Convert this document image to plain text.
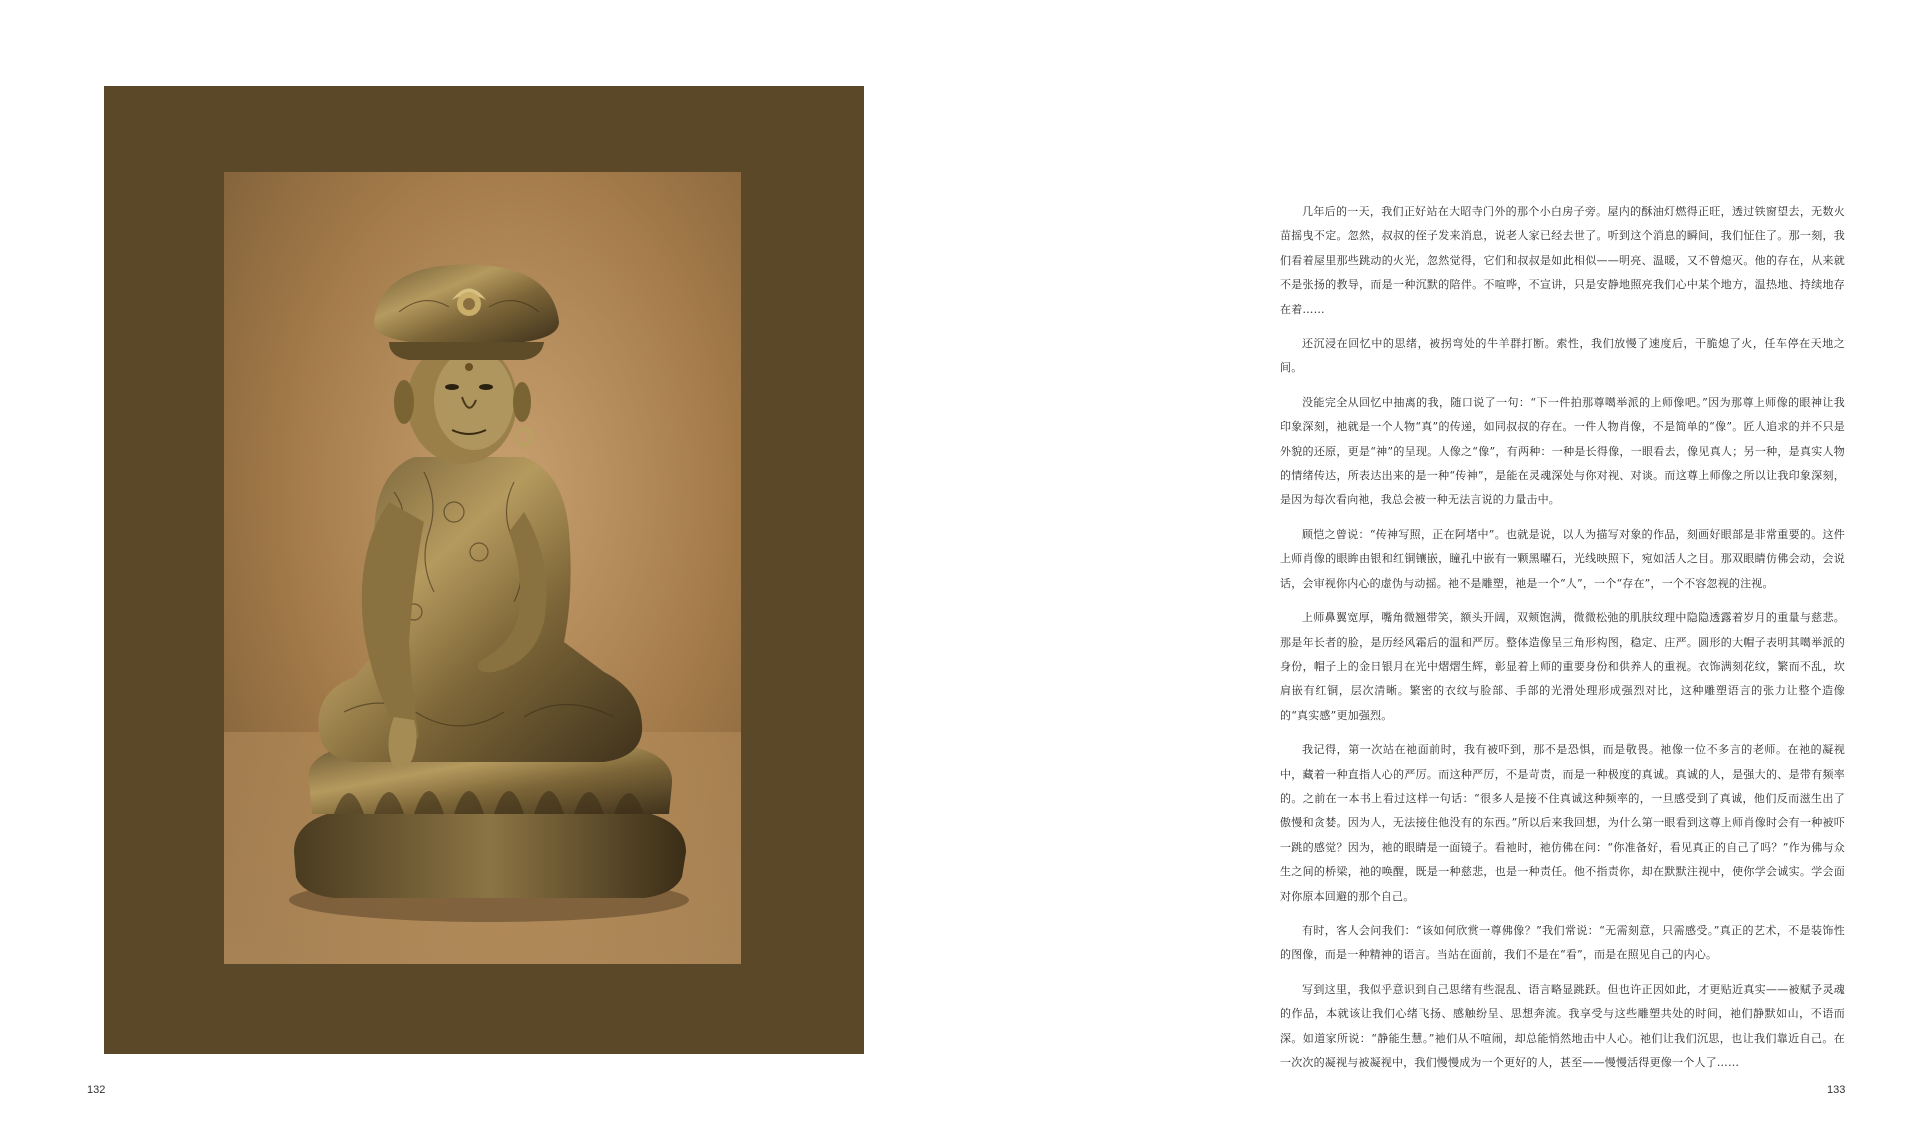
132

几年后的一天，我们正好站在大昭寺门外的那个小白房子旁。屋内的酥油灯燃得正旺，透过铁窗望去，无数火苗摇曳不定。忽然，叔叔的侄子发来消息，说老人家已经去世了。听到这个消息的瞬间，我们怔住了。那一刻，我们看着屋里那些跳动的火光，忽然觉得，它们和叔叔是如此相似——明亮、温暖，又不曾熄灭。他的存在，从来就不是张扬的教导，而是一种沉默的陪伴。不喧哗，不宣讲，只是安静地照亮我们心中某个地方，温热地、持续地存在着……

还沉浸在回忆中的思绪，被拐弯处的牛羊群打断。索性，我们放慢了速度后，干脆熄了火，任车停在天地之间。

没能完全从回忆中抽离的我，随口说了一句：“下一件拍那尊噶举派的上师像吧。”因为那尊上师像的眼神让我印象深刻，祂就是一个人物“真”的传递，如同叔叔的存在。一件人物肖像，不是简单的“像”。匠人追求的并不只是外貌的还原，更是“神”的呈现。人像之“像”，有两种：一种是长得像，一眼看去，像见真人；另一种，是真实人物的情绪传达，所表达出来的是一种“传神”，是能在灵魂深处与你对视、对谈。而这尊上师像之所以让我印象深刻，是因为每次看向祂，我总会被一种无法言说的力量击中。

顾恺之曾说：“传神写照，正在阿堵中”。也就是说，以人为描写对象的作品，刻画好眼部是非常重要的。这件上师肖像的眼眸由银和红铜镶嵌，瞳孔中嵌有一颗黑曜石，光线映照下，宛如活人之目。那双眼睛仿佛会动，会说话，会审视你内心的虚伪与动摇。祂不是雕塑，祂是一个“人”，一个“存在”，一个不容忽视的注视。

上师鼻翼宽厚，嘴角微翘带笑，额头开阔，双颊饱满，微微松弛的肌肤纹理中隐隐透露着岁月的重量与慈悲。那是年长者的脸，是历经风霜后的温和严厉。整体造像呈三角形构图，稳定、庄严。圆形的大帽子表明其噶举派的身份，帽子上的金日银月在光中熠熠生辉，彰显着上师的重要身份和供养人的重视。衣饰满刻花纹，繁而不乱，坎肩嵌有红铜，层次清晰。繁密的衣纹与脸部、手部的光滑处理形成强烈对比，这种雕塑语言的张力让整个造像的“真实感”更加强烈。

我记得，第一次站在祂面前时，我有被吓到，那不是恐惧，而是敬畏。祂像一位不多言的老师。在祂的凝视中，藏着一种直指人心的严厉。而这种严厉，不是苛责，而是一种极度的真诚。真诚的人，是强大的、是带有频率的。之前在一本书上看过这样一句话：“很多人是接不住真诚这种频率的，一旦感受到了真诚，他们反而滋生出了傲慢和贪婪。因为人，无法接住他没有的东西。”所以后来我回想，为什么第一眼看到这尊上师肖像时会有一种被吓一跳的感觉？因为，祂的眼睛是一面镜子。看祂时，祂仿佛在问：“你准备好，看见真正的自己了吗？”作为佛与众生之间的桥梁，祂的唤醒，既是一种慈悲，也是一种责任。他不指责你，却在默默注视中，使你学会诚实。学会面对你原本回避的那个自己。

有时，客人会问我们：“该如何欣赏一尊佛像？”我们常说：“无需刻意，只需感受。”真正的艺术，不是装饰性的图像，而是一种精神的语言。当站在面前，我们不是在“看”，而是在照见自己的内心。

写到这里，我似乎意识到自己思绪有些混乱、语言略显跳跃。但也许正因如此，才更贴近真实——被赋予灵魂的作品，本就该让我们心绪飞扬、感触纷呈、思想奔流。我享受与这些雕塑共处的时间，祂们静默如山，不语而深。如道家所说：“静能生慧。”祂们从不喧闹，却总能悄然地击中人心。祂们让我们沉思，也让我们靠近自己。在一次次的凝视与被凝视中，我们慢慢成为一个更好的人，甚至——慢慢活得更像一个人了……

133
